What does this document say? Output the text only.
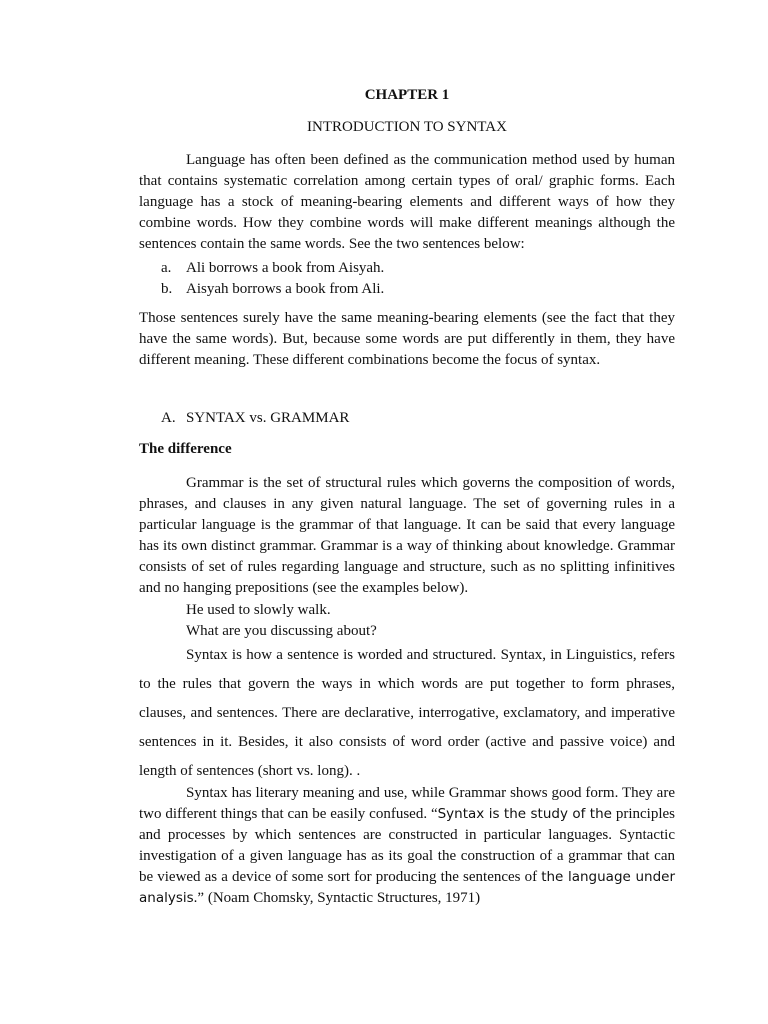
CHAPTER 1
INTRODUCTION TO SYNTAX

Language has often been defined as the communication method used by human that contains systematic correlation among certain types of oral/ graphic forms. Each language has a stock of meaning-bearing elements and different ways of how they combine words. How they combine words will make different meanings although the sentences contain the same words. See the two sentences below:

a. Ali borrows a book from Aisyah.
b. Aisyah borrows a book from Ali.

Those sentences surely have the same meaning-bearing elements (see the fact that they have the same words). But, because some words are put differently in them, they have different meaning. These different combinations become the focus of syntax.

A. SYNTAX vs. GRAMMAR
The difference

Grammar is the set of structural rules which governs the composition of words, phrases, and clauses in any given natural language. The set of governing rules in a particular language is the grammar of that language. It can be said that every language has its own distinct grammar. Grammar is a way of thinking about knowledge. Grammar consists of set of rules regarding language and structure, such as no splitting infinitives and no hanging prepositions (see the examples below).

He used to slowly walk.

What are you discussing about?

Syntax is how a sentence is worded and structured. Syntax, in Linguistics, refers to the rules that govern the ways in which words are put together to form phrases, clauses, and sentences. There are declarative, interrogative, exclamatory, and imperative sentences in it. Besides, it also consists of word order (active and passive voice) and length of sentences (short vs. long). .

Syntax has literary meaning and use, while Grammar shows good form. They are two different things that can be easily confused. “Syntax is the study of the principles and processes by which sentences are constructed in particular languages. Syntactic investigation of a given language has as its goal the construction of a grammar that can be viewed as a device of some sort for producing the sentences of the language under analysis.” (Noam Chomsky, Syntactic Structures, 1971)
